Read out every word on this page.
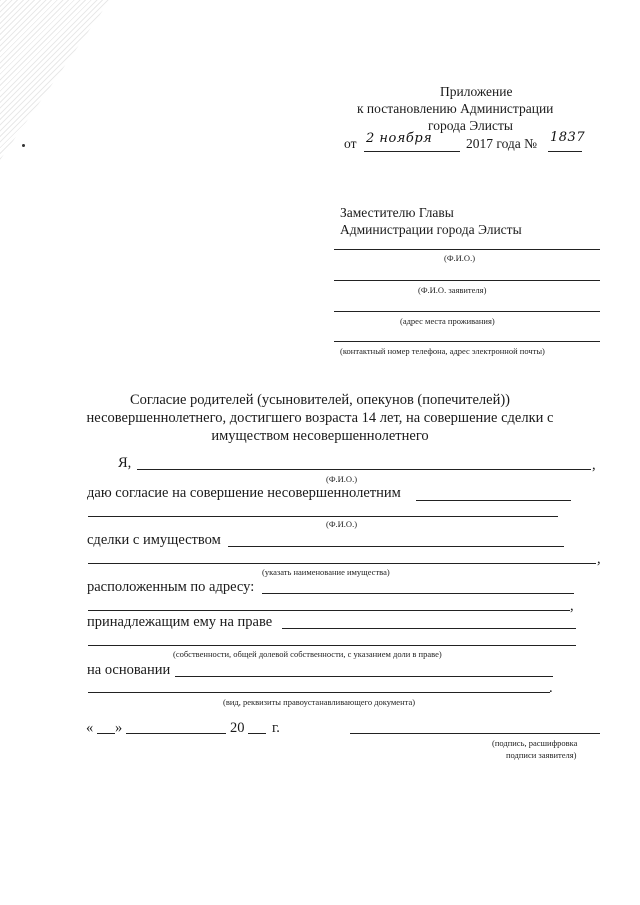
Приложение
к постановлению Администрации
города Элисты
от 2 ноября 2017 года № 1837
Заместителю Главы
Администрации города Элисты
(Ф.И.О.)
(Ф.И.О. заявителя)
(адрес места проживания)
(контактный номер телефона, адрес электронной почты)
Согласие родителей (усыновителей, опекунов (попечителей))
несовершеннолетнего, достигшего возраста 14 лет, на совершение сделки с
имуществом несовершеннолетнего
Я,	,
(Ф.И.О.)
даю согласие на совершение несовершеннолетним
(Ф.И.О.)
сделки с имуществом
,
(указать наименование имущества)
расположенным по адресу:
,
принадлежащим ему на праве
(собственности, общей долевой собственности, с указанием доли в праве)
на основании
.
(вид, реквизиты правоустанавливающего документа)
« »	20 г.
(подпись, расшифровка
подписи заявителя)
